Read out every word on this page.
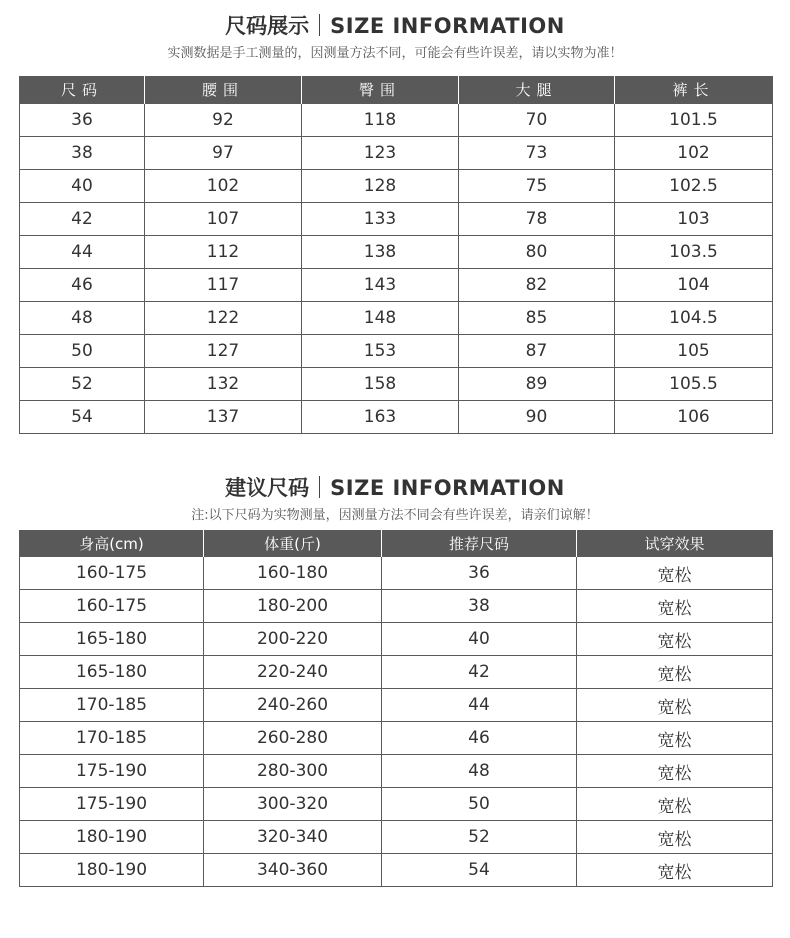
尺码展示 SIZE INFORMATION
实测数据是手工测量的，因测量方法不同，可能会有些许误差，请以实物为准！
尺码	腰围	臀围	大腿	裤长
36	92	118	70	101.5
38	97	123	73	102
40	102	128	75	102.5
42	107	133	78	103
44	112	138	80	103.5
46	117	143	82	104
48	122	148	85	104.5
50	127	153	87	105
52	132	158	89	105.5
54	137	163	90	106
建议尺码 SIZE INFORMATION
注:以下尺码为实物测量，因测量方法不同会有些许误差，请亲们谅解！
身高(cm)	体重(斤)	推荐尺码	试穿效果
160-175	160-180	36	宽松
160-175	180-200	38	宽松
165-180	200-220	40	宽松
165-180	220-240	42	宽松
170-185	240-260	44	宽松
170-185	260-280	46	宽松
175-190	280-300	48	宽松
175-190	300-320	50	宽松
180-190	320-340	52	宽松
180-190	340-360	54	宽松
